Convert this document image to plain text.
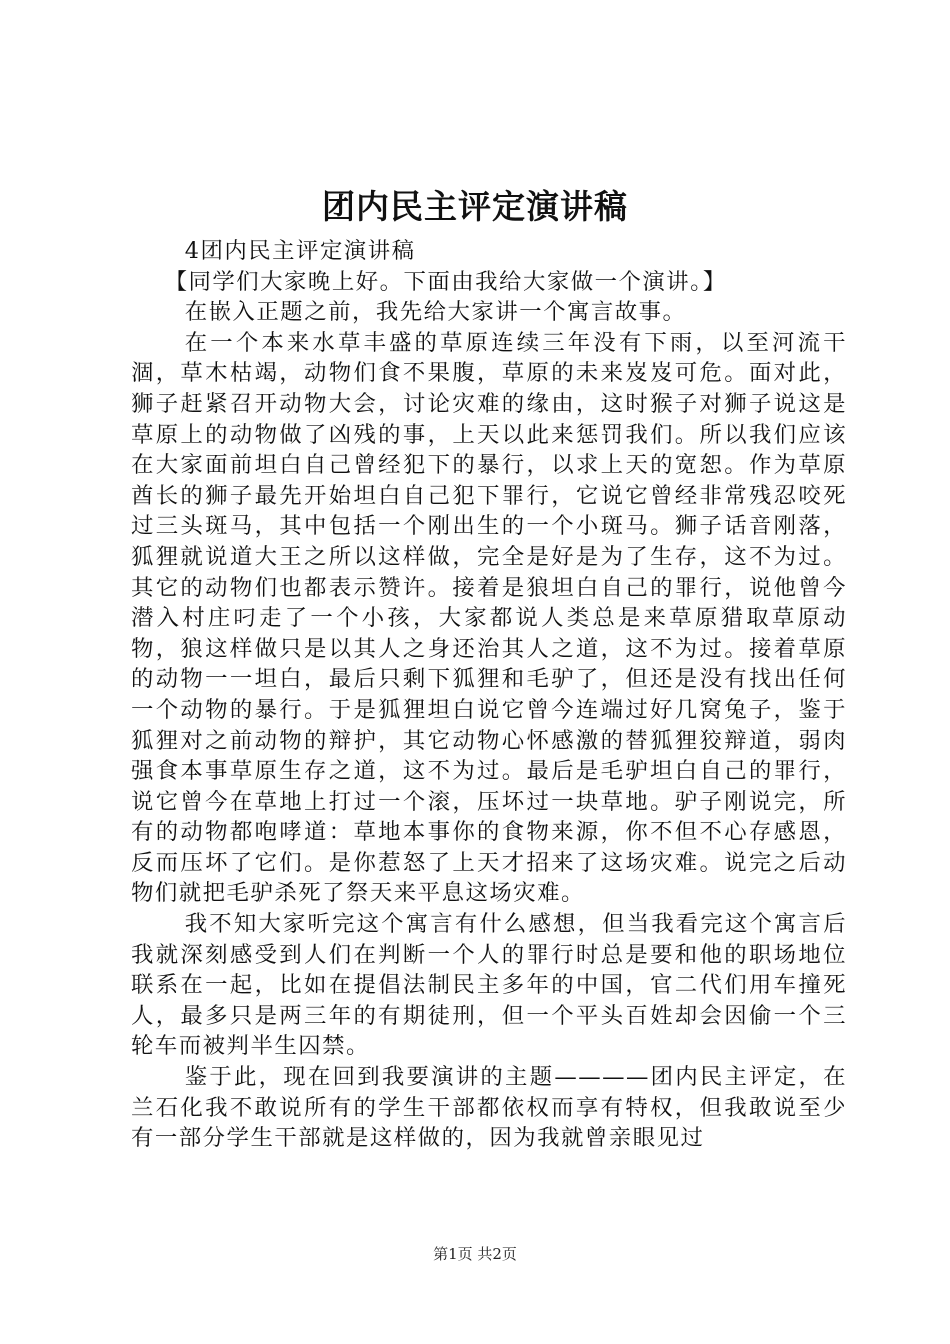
团内民主评定演讲稿

4团内民主评定演讲稿

【同学们大家晚上好。下面由我给大家做一个演讲。】

在嵌入正题之前，我先给大家讲一个寓言故事。

在一个本来水草丰盛的草原连续三年没有下雨，以至河流干涸，草木枯竭，动物们食不果腹，草原的未来岌岌可危。面对此，狮子赶紧召开动物大会，讨论灾难的缘由，这时猴子对狮子说这是草原上的动物做了凶残的事，上天以此来惩罚我们。所以我们应该在大家面前坦白自己曾经犯下的暴行，以求上天的宽恕。作为草原酋长的狮子最先开始坦白自己犯下罪行，它说它曾经非常残忍咬死过三头斑马，其中包括一个刚出生的一个小斑马。狮子话音刚落，狐狸就说道大王之所以这样做，完全是好是为了生存，这不为过。其它的动物们也都表示赞许。接着是狼坦白自己的罪行，说他曾今潜入村庄叼走了一个小孩，大家都说人类总是来草原猎取草原动物，狼这样做只是以其人之身还治其人之道，这不为过。接着草原的动物一一坦白，最后只剩下狐狸和毛驴了，但还是没有找出任何一个动物的暴行。于是狐狸坦白说它曾今连端过好几窝兔子，鉴于狐狸对之前动物的辩护，其它动物心怀感激的替狐狸狡辩道，弱肉强食本事草原生存之道，这不为过。最后是毛驴坦白自己的罪行，说它曾今在草地上打过一个滚，压坏过一块草地。驴子刚说完，所有的动物都咆哮道：草地本事你的食物来源，你不但不心存感恩，反而压坏了它们。是你惹怒了上天才招来了这场灾难。说完之后动物们就把毛驴杀死了祭天来平息这场灾难。

我不知大家听完这个寓言有什么感想，但当我看完这个寓言后我就深刻感受到人们在判断一个人的罪行时总是要和他的职场地位联系在一起，比如在提倡法制民主多年的中国，官二代们用车撞死人，最多只是两三年的有期徒刑，但一个平头百姓却会因偷一个三轮车而被判半生囚禁。

鉴于此，现在回到我要演讲的主题————团内民主评定，在兰石化我不敢说所有的学生干部都依权而享有特权，但我敢说至少有一部分学生干部就是这样做的，因为我就曾亲眼见过

第1页 共2页
